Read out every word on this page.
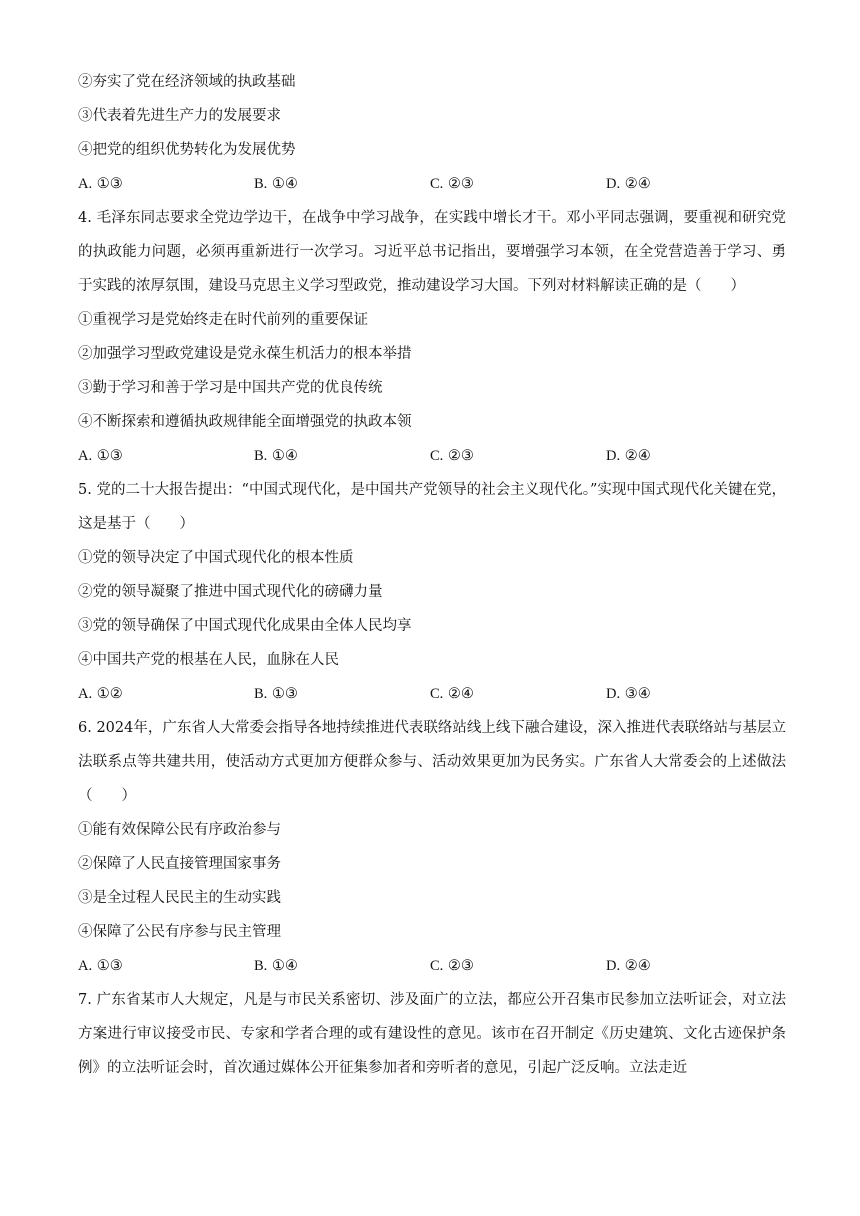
②夯实了党在经济领域的执政基础
③代表着先进生产力的发展要求
④把党的组织优势转化为发展优势
A. ①③	B. ①④	C. ②③	D. ②④
4. 毛泽东同志要求全党边学边干，在战争中学习战争，在实践中增长才干。邓小平同志强调，要重视和研究党的执政能力问题，必须再重新进行一次学习。习近平总书记指出，要增强学习本领，在全党营造善于学习、勇于实践的浓厚氛围，建设马克思主义学习型政党，推动建设学习大国。下列对材料解读正确的是（　　）
①重视学习是党始终走在时代前列的重要保证
②加强学习型政党建设是党永葆生机活力的根本举措
③勤于学习和善于学习是中国共产党的优良传统
④不断探索和遵循执政规律能全面增强党的执政本领
A. ①③	B. ①④	C. ②③	D. ②④
5. 党的二十大报告提出：“中国式现代化，是中国共产党领导的社会主义现代化。”实现中国式现代化关键在党，这是基于（　　）
①党的领导决定了中国式现代化的根本性质
②党的领导凝聚了推进中国式现代化的磅礴力量
③党的领导确保了中国式现代化成果由全体人民均享
④中国共产党的根基在人民，血脉在人民
A. ①②	B. ①③	C. ②④	D. ③④
6. 2024年，广东省人大常委会指导各地持续推进代表联络站线上线下融合建设，深入推进代表联络站与基层立法联系点等共建共用，使活动方式更加方便群众参与、活动效果更加为民务实。广东省人大常委会的上述做法（　　）
①能有效保障公民有序政治参与
②保障了人民直接管理国家事务
③是全过程人民民主的生动实践
④保障了公民有序参与民主管理
A. ①③	B. ①④	C. ②③	D. ②④
7. 广东省某市人大规定，凡是与市民关系密切、涉及面广的立法，都应公开召集市民参加立法听证会，对立法方案进行审议接受市民、专家和学者合理的或有建设性的意见。该市在召开制定《历史建筑、文化古迹保护条例》的立法听证会时，首次通过媒体公开征集参加者和旁听者的意见，引起广泛反响。立法走近
